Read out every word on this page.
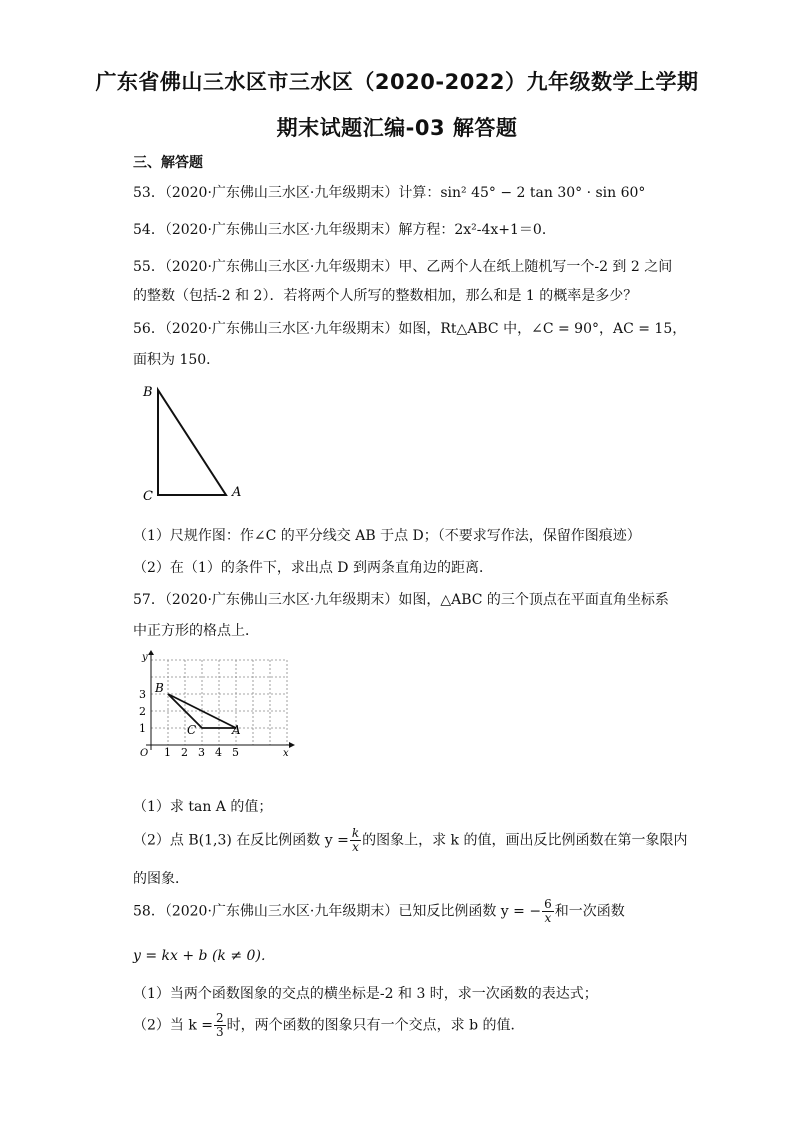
广东省佛山三水区市三水区（2020-2022）九年级数学上学期
期末试题汇编-03 解答题
三、解答题
53．（2020·广东佛山三水区·九年级期末）计算：sin² 45° − 2 tan 30° · sin 60°
54．（2020·广东佛山三水区·九年级期末）解方程：2x²-4x+1＝0．
55．（2020·广东佛山三水区·九年级期末）甲、乙两个人在纸上随机写一个-2 到 2 之间
的整数（包括-2 和 2）．若将两个人所写的整数相加，那么和是 1 的概率是多少？
56．（2020·广东佛山三水区·九年级期末）如图，Rt△ABC 中，∠C = 90°，AC = 15，
面积为 150．
B
C	A
（1）尺规作图：作∠C 的平分线交 AB 于点 D；（不要求写作法，保留作图痕迹）
（2）在（1）的条件下，求出点 D 到两条直角边的距离．
57．（2020·广东佛山三水区·九年级期末）如图，△ABC 的三个顶点在平面直角坐标系
中正方形的格点上．
y
x
O 1 2 3 4 5
1
2
3 B
C	A
（1）求 tan A 的值；
（2）点 B(1,3) 在反比例函数 $y = \frac{k}{x}$ 的图象上，求 k 的值，画出反比例函数在第一象限内
的图象．
58．（2020·广东佛山三水区·九年级期末）已知反比例函数 y = − $\frac{6}{x}$ 和一次函数
y = kx + b (k ≠ 0)．
（1）当两个函数图象的交点的横坐标是-2 和 3 时，求一次函数的表达式；
（2）当 $k = \frac{2}{3}$ 时，两个函数的图象只有一个交点，求 b 的值．
